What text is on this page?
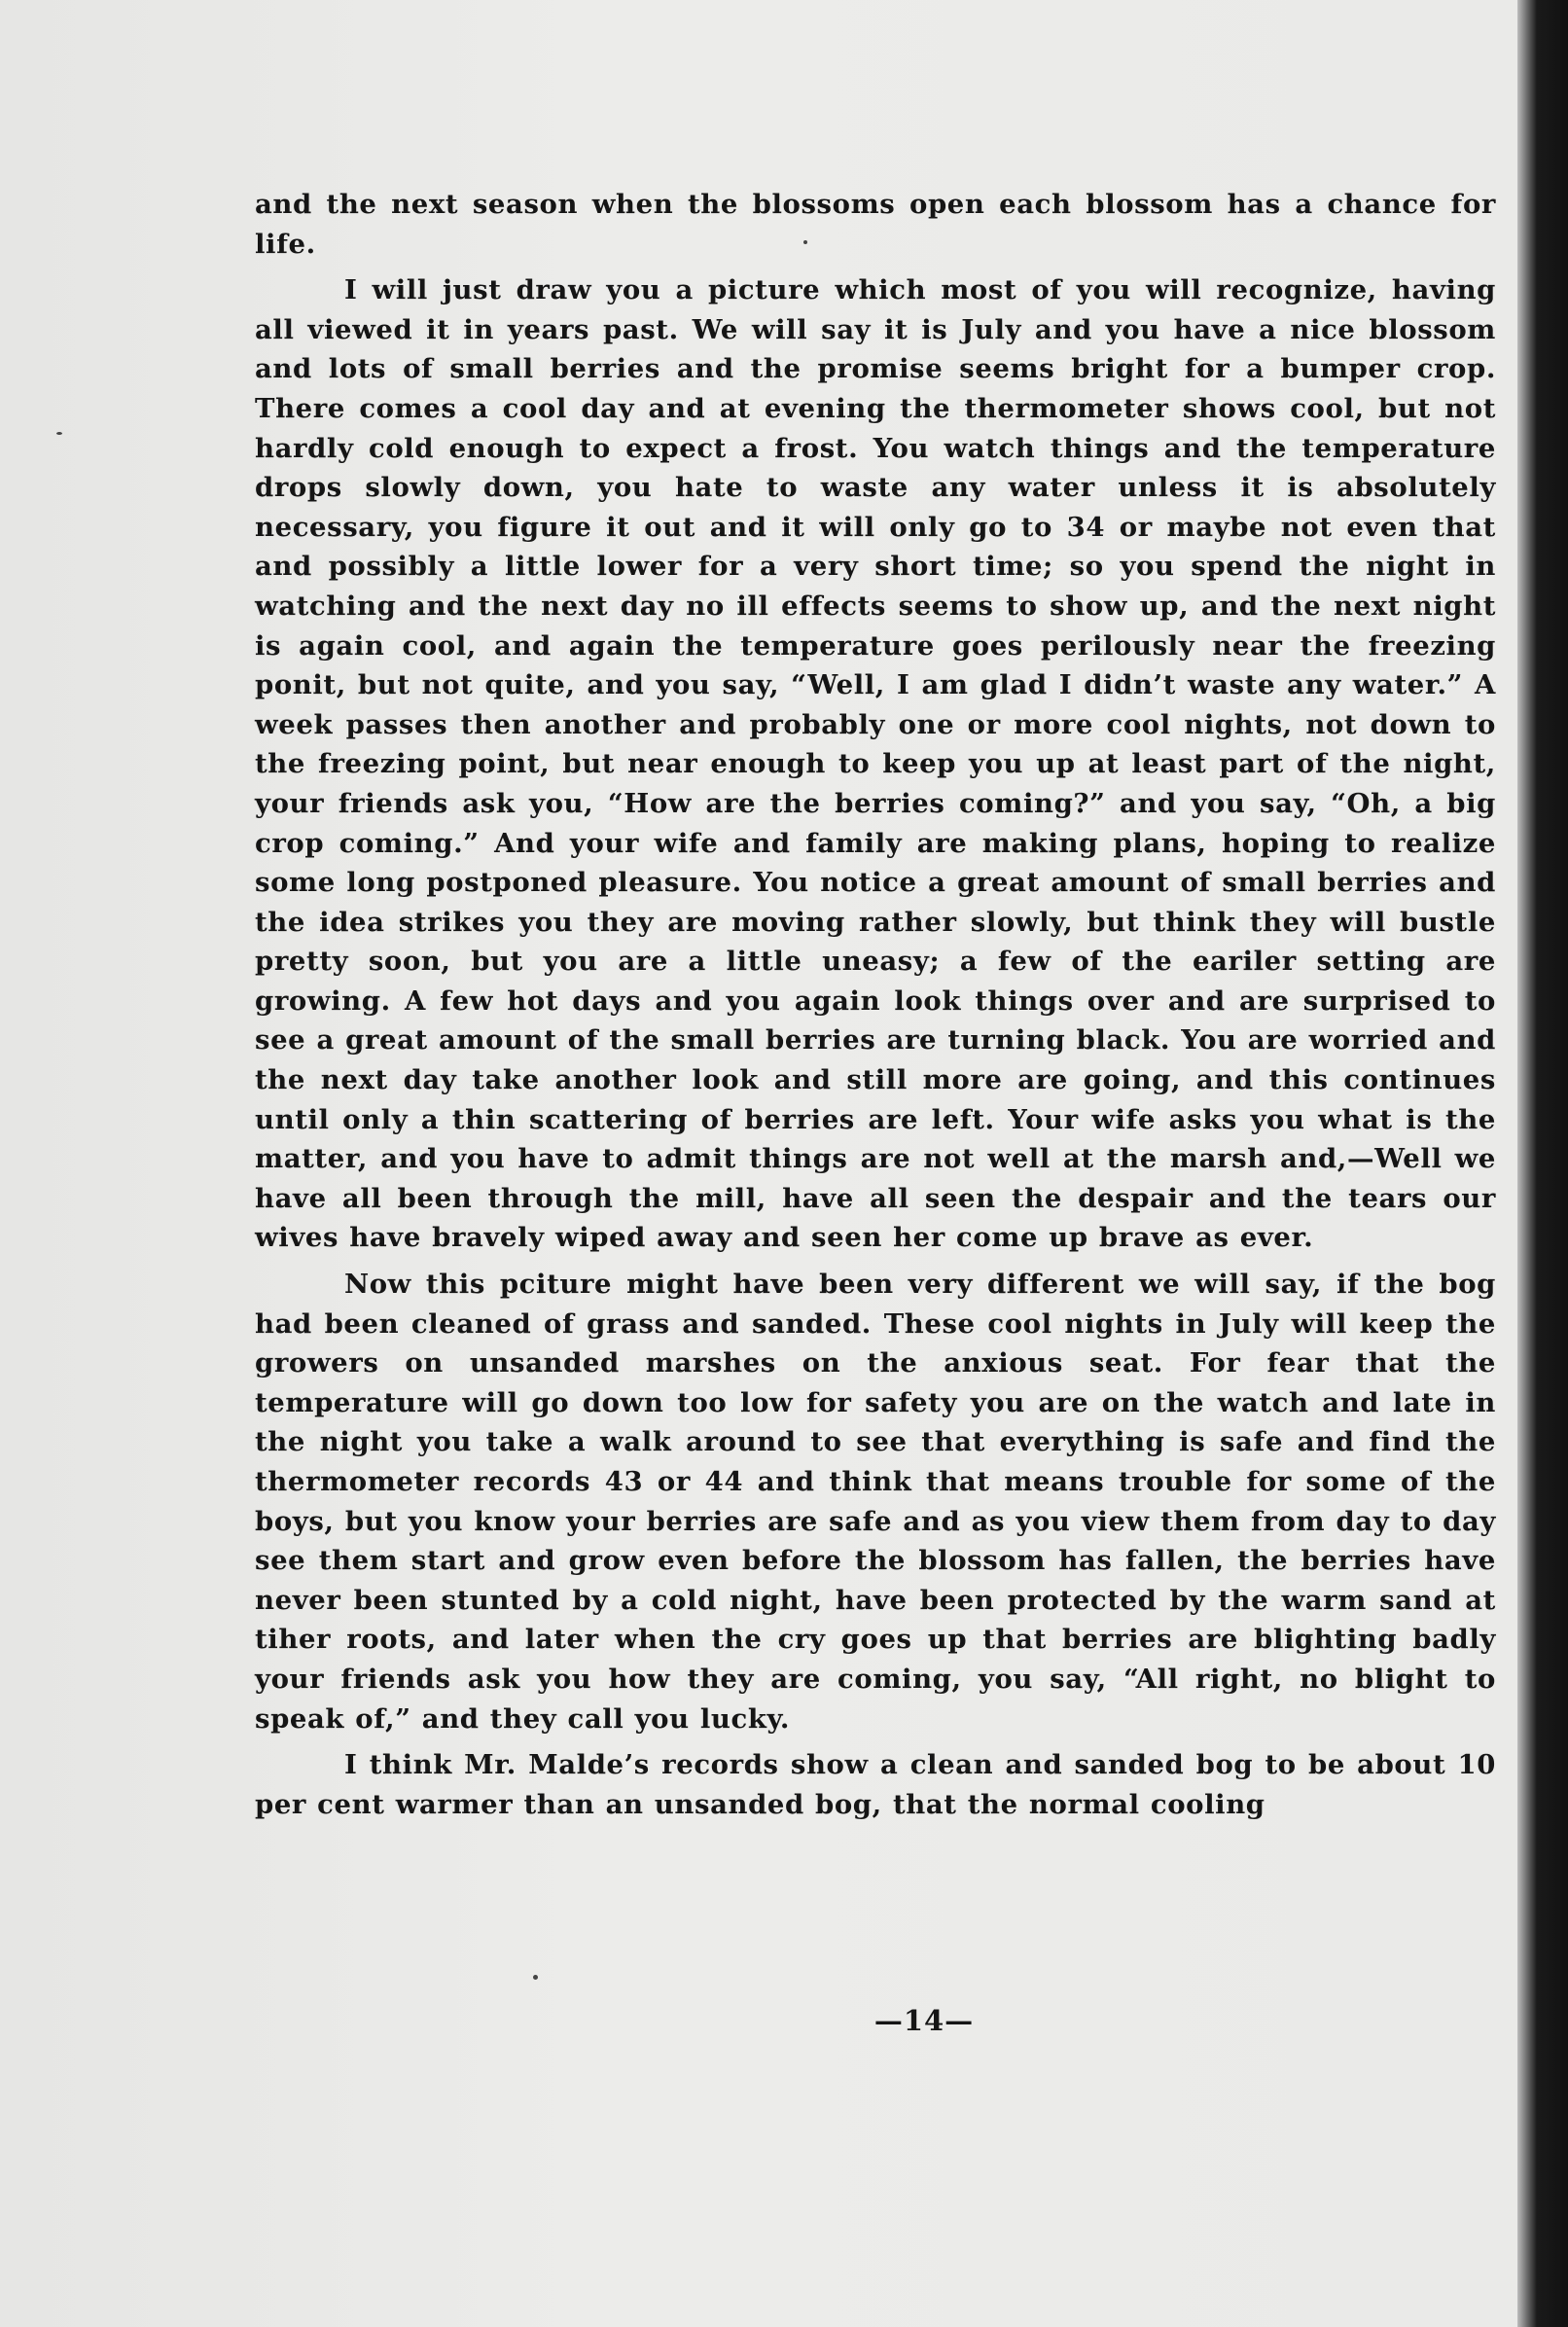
and the next season when the blossoms open each blossom has a chance for life.

I will just draw you a picture which most of you will recognize, having all viewed it in years past. We will say it is July and you have a nice blossom and lots of small berries and the promise seems bright for a bumper crop. There comes a cool day and at evening the thermometer shows cool, but not hardly cold enough to expect a frost. You watch things and the temperature drops slowly down, you hate to waste any water unless it is absolutely necessary, you figure it out and it will only go to 34 or maybe not even that and possibly a little lower for a very short time; so you spend the night in watching and the next day no ill effects seems to show up, and the next night is again cool, and again the temperature goes perilously near the freezing ponit, but not quite, and you say, “Well, I am glad I didn’t waste any water.” A week passes then another and probably one or more cool nights, not down to the freezing point, but near enough to keep you up at least part of the night, your friends ask you, “How are the berries coming?” and you say, “Oh, a big crop coming.” And your wife and family are making plans, hoping to realize some long postponed pleasure. You notice a great amount of small berries and the idea strikes you they are moving rather slowly, but think they will bustle pretty soon, but you are a little uneasy; a few of the eariler setting are growing. A few hot days and you again look things over and are surprised to see a great amount of the small berries are turning black. You are worried and the next day take another look and still more are going, and this continues until only a thin scattering of berries are left. Your wife asks you what is the matter, and you have to admit things are not well at the marsh and,—Well we have all been through the mill, have all seen the despair and the tears our wives have bravely wiped away and seen her come up brave as ever.

Now this pciture might have been very different we will say, if the bog had been cleaned of grass and sanded. These cool nights in July will keep the growers on unsanded marshes on the anxious seat. For fear that the temperature will go down too low for safety you are on the watch and late in the night you take a walk around to see that everything is safe and find the thermometer records 43 or 44 and think that means trouble for some of the boys, but you know your berries are safe and as you view them from day to day see them start and grow even before the blossom has fallen, the berries have never been stunted by a cold night, have been protected by the warm sand at tiher roots, and later when the cry goes up that berries are blighting badly your friends ask you how they are coming, you say, “All right, no blight to speak of,” and they call you lucky.

I think Mr. Malde’s records show a clean and sanded bog to be about 10 per cent warmer than an unsanded bog, that the normal cooling

—14—
